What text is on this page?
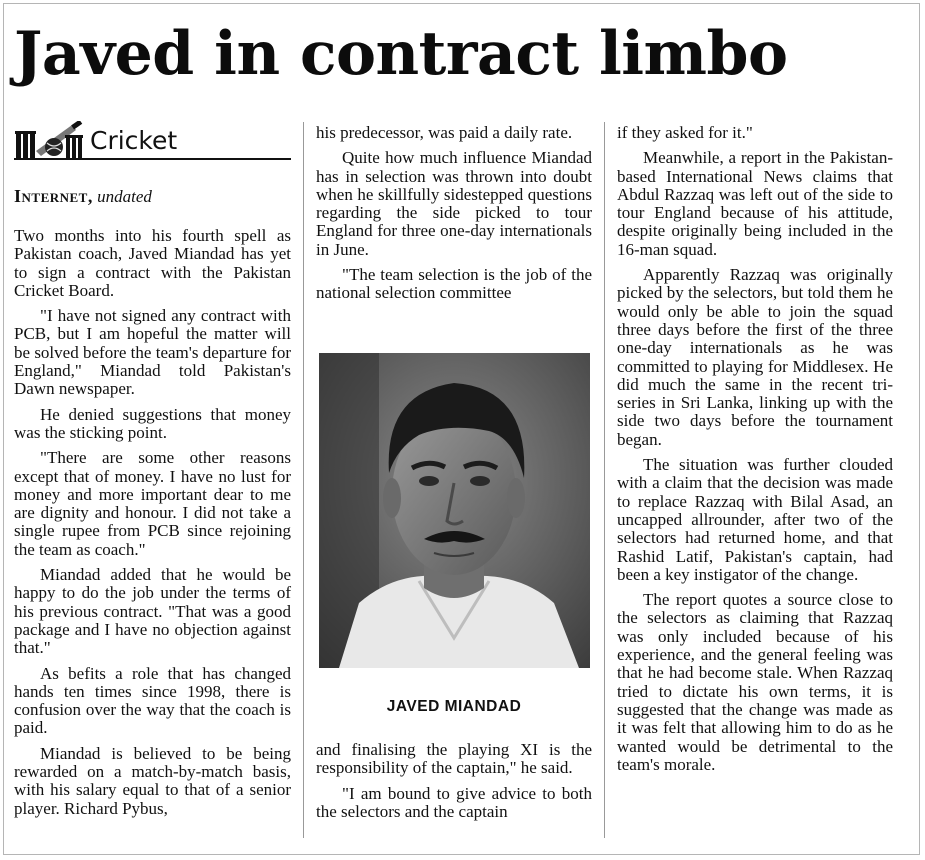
Javed in contract limbo
Cricket
Internet, undated

Two months into his fourth spell as Pakistan coach, Javed Miandad has yet to sign a contract with the Pakistan Cricket Board.

"I have not signed any contract with PCB, but I am hopeful the matter will be solved before the team's departure for England," Miandad told Pakistan's Dawn newspaper.

He denied suggestions that money was the sticking point.

"There are some other reasons except that of money. I have no lust for money and more important dear to me are dignity and honour. I did not take a single rupee from PCB since rejoining the team as coach."

Miandad added that he would be happy to do the job under the terms of his previous contract. "That was a good package and I have no objection against that."

As befits a role that has changed hands ten times since 1998, there is confusion over the way that the coach is paid.

Miandad is believed to be being rewarded on a match-by-match basis, with his salary equal to that of a senior player. Richard Pybus,

his predecessor, was paid a daily rate.

Quite how much influence Miandad has in selection was thrown into doubt when he skillfully sidestepped questions regarding the side picked to tour England for three one-day internationals in June.

"The team selection is the job of the national selection committee

JAVED MIANDAD

and finalising the playing XI is the responsibility of the captain," he said.

"I am bound to give advice to both the selectors and the captain

if they asked for it."

Meanwhile, a report in the Pakistan-based International News claims that Abdul Razzaq was left out of the side to tour England because of his attitude, despite originally being included in the 16-man squad.

Apparently Razzaq was originally picked by the selectors, but told them he would only be able to join the squad three days before the first of the three one-day internationals as he was committed to playing for Middlesex. He did much the same in the recent tri-series in Sri Lanka, linking up with the side two days before the tournament began.

The situation was further clouded with a claim that the decision was made to replace Razzaq with Bilal Asad, an uncapped allrounder, after two of the selectors had returned home, and that Rashid Latif, Pakistan's captain, had been a key instigator of the change.

The report quotes a source close to the selectors as claiming that Razzaq was only included because of his experience, and the general feeling was that he had become stale. When Razzaq tried to dictate his own terms, it is suggested that the change was made as it was felt that allowing him to do as he wanted would be detrimental to the team's morale.
